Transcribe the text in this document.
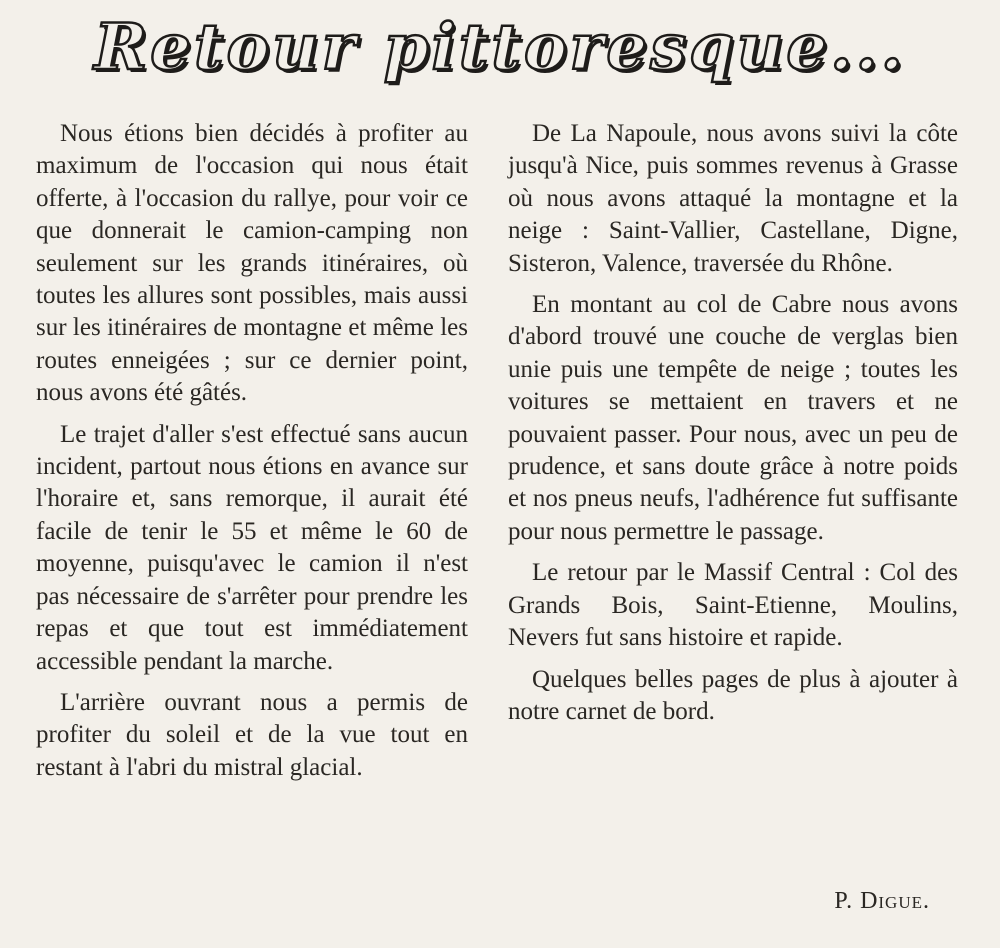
Retour pittoresque...

Nous étions bien décidés à profiter au maximum de l'occasion qui nous était offerte, à l'occasion du rallye, pour voir ce que donnerait le camion-camping non seulement sur les grands itinéraires, où toutes les allures sont possibles, mais aussi sur les itinéraires de montagne et même les routes enneigées ; sur ce dernier point, nous avons été gâtés.

Le trajet d'aller s'est effectué sans aucun incident, partout nous étions en avance sur l'horaire et, sans remorque, il aurait été facile de tenir le 55 et même le 60 de moyenne, puisqu'avec le camion il n'est pas nécessaire de s'arrêter pour prendre les repas et que tout est immédiatement accessible pendant la marche.

L'arrière ouvrant nous a permis de profiter du soleil et de la vue tout en restant à l'abri du mistral glacial.

De La Napoule, nous avons suivi la côte jusqu'à Nice, puis sommes revenus à Grasse où nous avons attaqué la montagne et la neige : Saint-Vallier, Castellane, Digne, Sisteron, Valence, traversée du Rhône.

En montant au col de Cabre nous avons d'abord trouvé une couche de verglas bien unie puis une tempête de neige ; toutes les voitures se mettaient en travers et ne pouvaient passer. Pour nous, avec un peu de prudence, et sans doute grâce à notre poids et nos pneus neufs, l'adhérence fut suffisante pour nous permettre le passage.

Le retour par le Massif Central : Col des Grands Bois, Saint-Etienne, Moulins, Nevers fut sans histoire et rapide.

Quelques belles pages de plus à ajouter à notre carnet de bord.

P. Digue.
